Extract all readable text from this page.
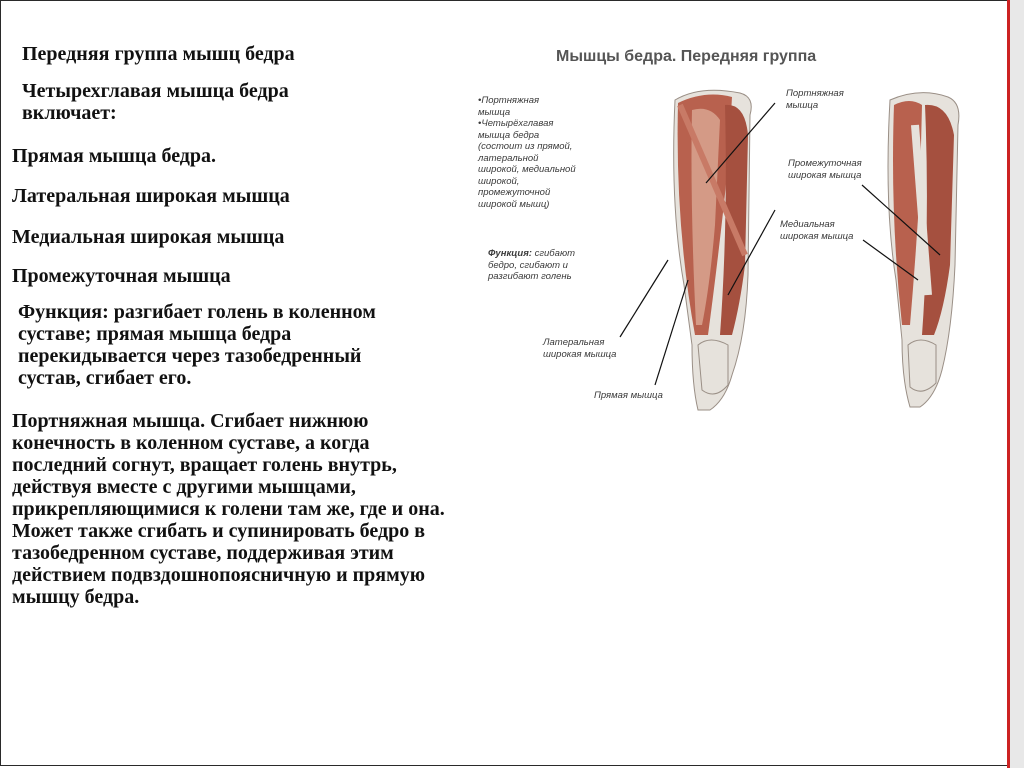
Передняя группа мышц бедра

Четырехглавая мышца бедра включает:

Прямая мышца бедра.

Латеральная широкая мышца

Медиальная широкая мышца

Промежуточная мышца

Функция: разгибает голень в коленном суставе; прямая мышца бедра перекидывается через тазобедренный сустав, сгибает его.

Портняжная мышца. Сгибает нижнюю конечность в коленном суставе, а когда последний согнут, вращает голень внутрь, действуя вместе с другими мышцами, прикрепляющимися к голени там же, где и она. Может также сгибать и супинировать бедро в тазобедренном суставе, поддерживая этим действием подвздошнопоясничную и прямую мышцу бедра.

Мышцы бедра. Передняя группа
•Портняжная
мышца
•Четырёхглавая
мышца бедра
(состоит из прямой,
латеральной
широкой, медиальной
широкой,
промежуточной
широкой мышц)
Функция: сгибают
бедро, сгибают и
разгибают голень
Портняжная
мышца
Промежуточная
широкая мышца
Медиальная
широкая мышца
Латеральная
широкая мышца
Прямая мышца
